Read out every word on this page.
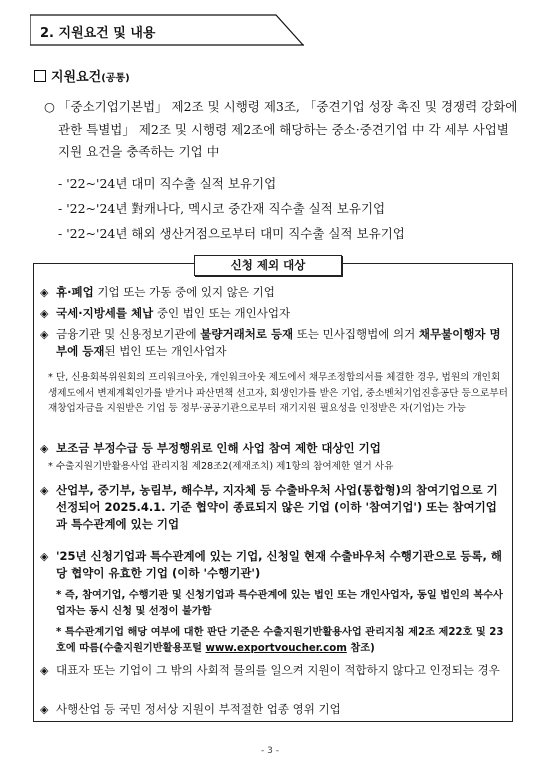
2. 지원요건 및 내용
지원요건(공통)
○ 「중소기업기본법」 제2조 및 시행령 제3조, 「중견기업 성장 촉진 및 경쟁력 강화에 관한 특별법」 제2조 및 시행령 제2조에 해당하는 중소·중견기업 中 각 세부 사업별 지원 요건을 충족하는 기업 中
- '22~'24년 대미 직수출 실적 보유기업
- '22~'24년 對캐나다, 멕시코 중간재 직수출 실적 보유기업
- '22~'24년 해외 생산거점으로부터 대미 직수출 실적 보유기업
신청 제외 대상
◈ 휴·폐업 기업 또는 가동 중에 있지 않은 기업
◈ 국세·지방세를 체납 중인 법인 또는 개인사업자
◈ 금융기관 및 신용정보기관에 불량거래처로 등재 또는 민사집행법에 의거 채무불이행자 명부에 등재된 법인 또는 개인사업자
* 단, 신용회복위원회의 프리워크아웃, 개인워크아웃 제도에서 채무조정합의서를 체결한 경우, 법원의 개인회생제도에서 변제계획인가를 받거나 파산면책 선고자, 회생인가를 받은 기업, 중소벤처기업진흥공단 등으로부터 재창업자금을 지원받은 기업 등 정부·공공기관으로부터 재기지원 필요성을 인정받은 자(기업)는 가능
◈ 보조금 부정수급 등 부정행위로 인해 사업 참여 제한 대상인 기업
* 수출지원기반활용사업 관리지침 제28조2(제재조치) 제1항의 참여제한 열거 사유
◈ 산업부, 중기부, 농림부, 해수부, 지자체 등 수출바우처 사업(통합형)의 참여기업으로 기선정되어 2025.4.1. 기준 협약이 종료되지 않은 기업 (이하 '참여기업') 또는 참여기업과 특수관계에 있는 기업
◈ '25년 신청기업과 특수관계에 있는 기업, 신청일 현재 수출바우처 수행기관으로 등록, 해당 협약이 유효한 기업 (이하 '수행기관')
* 즉, 참여기업, 수행기관 및 신청기업과 특수관계에 있는 법인 또는 개인사업자, 동일 법인의 복수사업자는 동시 신청 및 선정이 불가함
* 특수관계기업 해당 여부에 대한 판단 기준은 수출지원기반활용사업 관리지침 제2조 제22호 및 23호에 따름(수출지원기반활용포털 www.exportvoucher.com 참조)
◈ 대표자 또는 기업이 그 밖의 사회적 물의를 일으켜 지원이 적합하지 않다고 인정되는 경우
◈ 사행산업 등 국민 정서상 지원이 부적절한 업종 영위 기업
- 3 -
